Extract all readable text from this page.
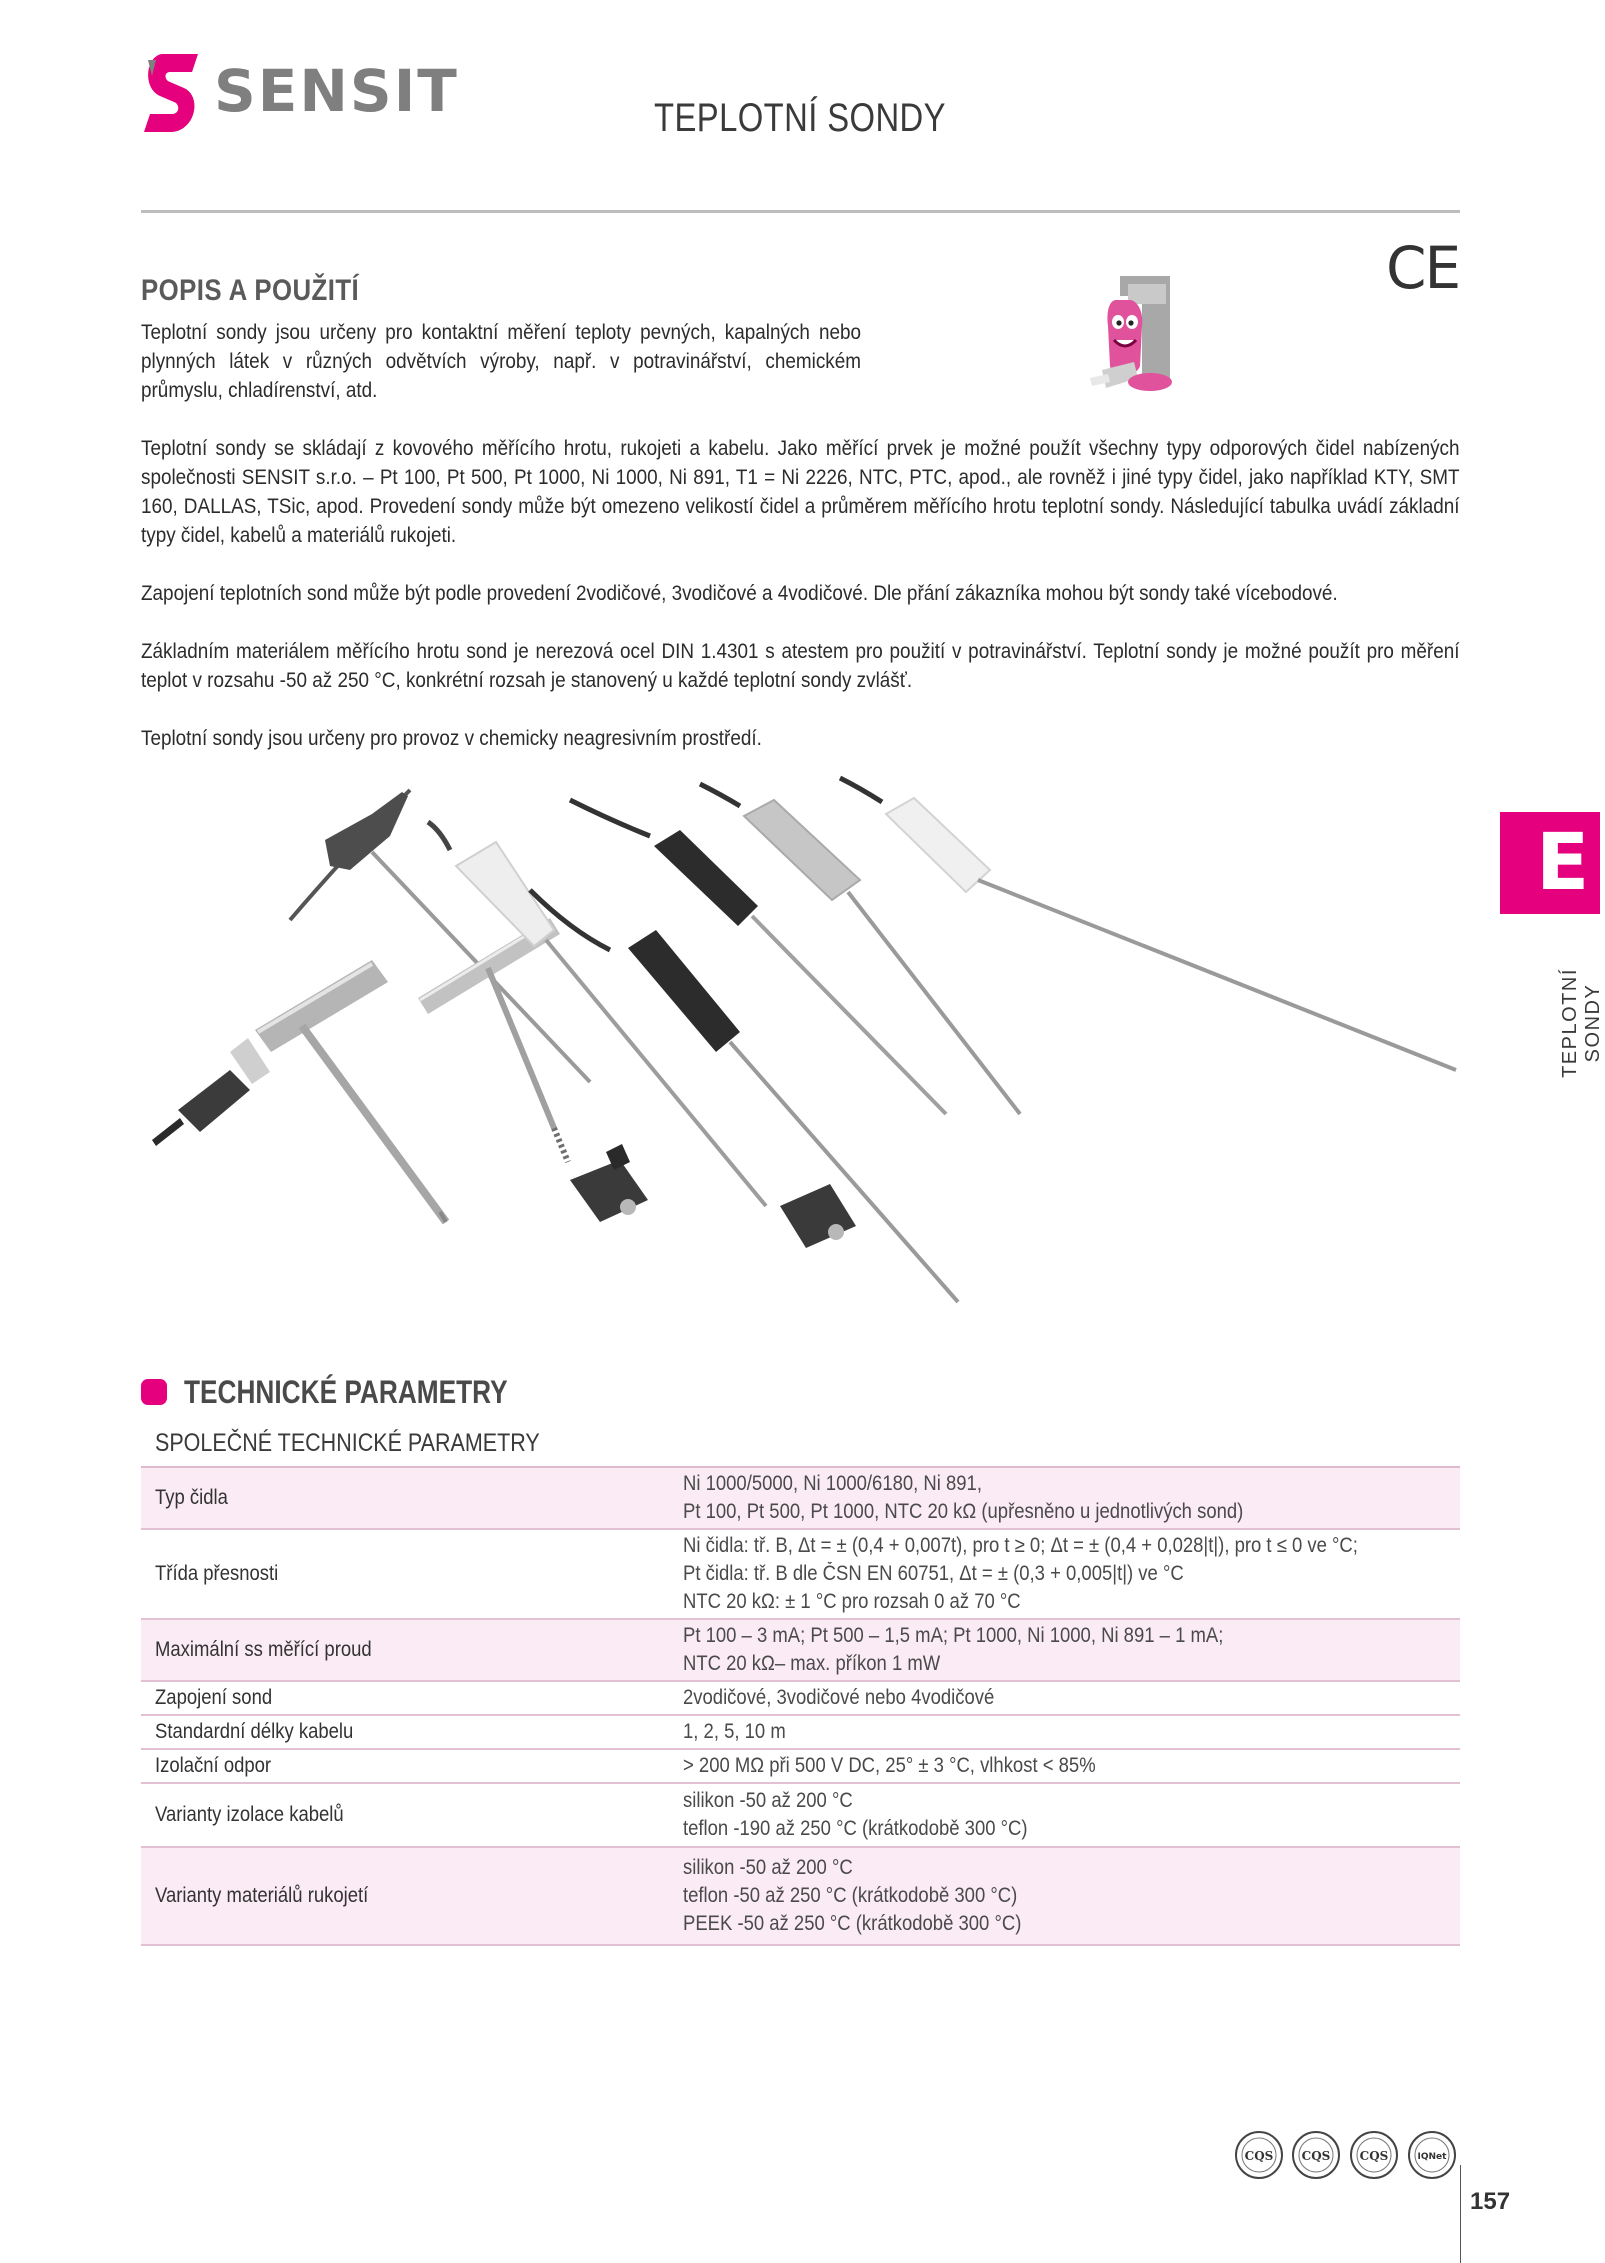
SENSIT	TEPLOTNÍ SONDY
CE
POPIS A POUŽITÍ

Teplotní sondy jsou určeny pro kontaktní měření teploty pevných, kapalných nebo plynných látek v různých odvětvích výroby, např. v potravinářství, chemickém průmyslu, chladírenství, atd.

Teplotní sondy se skládají z kovového měřícího hrotu, rukojeti a kabelu. Jako měřící prvek je možné použít všechny typy odporových čidel nabízených společnosti SENSIT s.r.o. – Pt 100, Pt 500, Pt 1000, Ni 1000, Ni 891, T1 = Ni 2226, NTC, PTC, apod., ale rovněž i jiné typy čidel, jako například KTY, SMT 160, DALLAS, TSic, apod. Provedení sondy může být omezeno velikostí čidel a průměrem měřícího hrotu teplotní sondy. Následující tabulka uvádí základní typy čidel, kabelů a materiálů rukojeti.

Zapojení teplotních sond může být podle provedení 2vodičové, 3vodičové a 4vodičové. Dle přání zákazníka mohou být sondy také vícebodové.

Základním materiálem měřícího hrotu sond je nerezová ocel DIN 1.4301 s atestem pro použití v potravinářství. Teplotní sondy je možné použít pro měření teplot v rozsahu -50 až 250 °C, konkrétní rozsah je stanovený u každé teplotní sondy zvlášť.

Teplotní sondy jsou určeny pro provoz v chemicky neagresivním prostředí.

E
TEPLOTNÍ SONDY
TECHNICKÉ PARAMETRY
SPOLEČNÉ TECHNICKÉ PARAMETRY
Typ čidla	Ni 1000/5000, Ni 1000/6180, Ni 891,
Pt 100, Pt 500, Pt 1000, NTC 20 kΩ (upřesněno u jednotlivých sond)

Třída přesnosti	Ni čidla: tř. B, Δt = ± (0,4 + 0,007t), pro t ≥ 0; Δt = ± (0,4 + 0,028|t|), pro t ≤ 0 ve °C;
Pt čidla: tř. B dle ČSN EN 60751, Δt = ± (0,3 + 0,005|t|) ve °C
NTC 20 kΩ: ± 1 °C pro rozsah 0 až 70 °C

Maximální ss měřící proud	Pt 100 – 3 mA; Pt 500 – 1,5 mA; Pt 1000, Ni 1000, Ni 891 – 1 mA;
NTC 20 kΩ– max. příkon 1 mW

Zapojení sond	2vodičové, 3vodičové nebo 4vodičové

Standardní délky kabelu	1, 2, 5, 10 m

Izolační odpor	> 200 MΩ při 500 V DC, 25° ± 3 °C, vlhkost < 85%

Varianty izolace kabelů	silikon -50 až 200 °C
teflon -190 až 250 °C (krátkodobě 300 °C)

Varianty materiálů rukojetí	silikon -50 až 200 °C
teflon -50 až 250 °C (krátkodobě 300 °C)
PEEK -50 až 250 °C (krátkodobě 300 °C)
CQS CQS CQS	IQNet
157
